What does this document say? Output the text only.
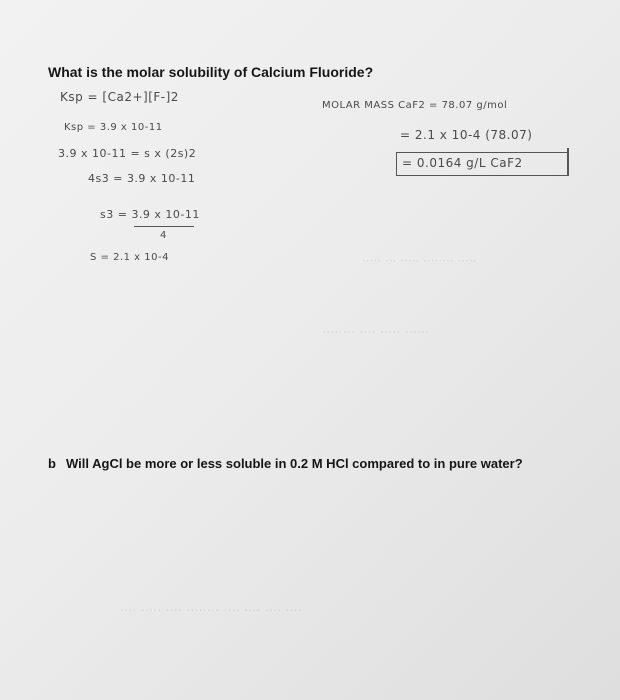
What is the molar solubility of Calcium Fluoride?
Ksp = [Ca2+][F-]2
Ksp = 3.9 x 10-11
3.9 x 10-11 = s x (2s)2
4s3 = 3.9 x 10-11
s3 = 3.9 x 10-11
4
S = 2.1 x 10-4
MOLAR MASS CaF2 = 78.07 g/mol
= 2.1 x 10-4 (78.07)
= 0.0164 g/L CaF2
····· ··· ····· ········ ·····
········ ···· ····· ······
···· ····· ···· ········ ···· ···· ···· ····
b Will AgCl be more or less soluble in 0.2 M HCl compared to in pure water?
